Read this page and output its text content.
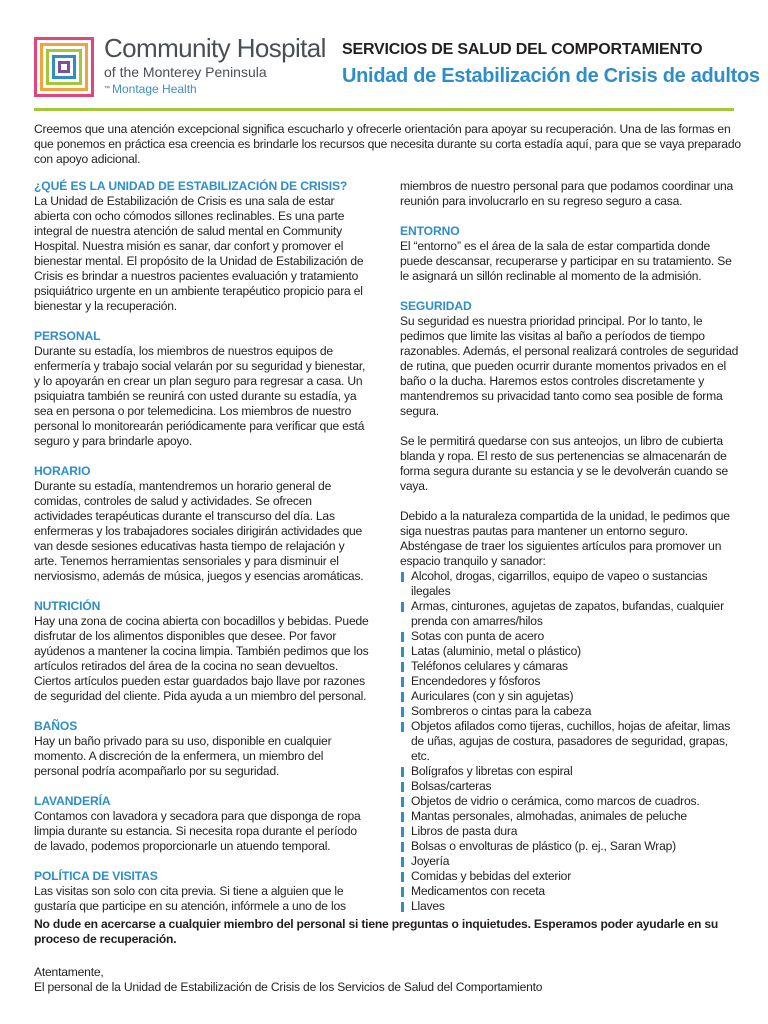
Community Hospital
of the Monterey Peninsula
™ Montage Health
SERVICIOS DE SALUD DEL COMPORTAMIENTO
Unidad de Estabilización de Crisis de adultos

Creemos que una atención excepcional significa escucharlo y ofrecerle orientación para apoyar su recuperación. Una de las formas en que ponemos en práctica esa creencia es brindarle los recursos que necesita durante su corta estadía aquí, para que se vaya preparado con apoyo adicional.

¿QUÉ ES LA UNIDAD DE ESTABILIZACIÓN DE CRISIS?

La Unidad de Estabilización de Crisis es una sala de estar abierta con ocho cómodos sillones reclinables. Es una parte integral de nuestra atención de salud mental en Community Hospital. Nuestra misión es sanar, dar confort y promover el bienestar mental. El propósito de la Unidad de Estabilización de Crisis es brindar a nuestros pacientes evaluación y tratamiento psiquiátrico urgente en un ambiente terapéutico propicio para el bienestar y la recuperación.

PERSONAL

Durante su estadía, los miembros de nuestros equipos de enfermería y trabajo social velarán por su seguridad y bienestar, y lo apoyarán en crear un plan seguro para regresar a casa. Un psiquiatra también se reunirá con usted durante su estadía, ya sea en persona o por telemedicina. Los miembros de nuestro personal lo monitorearán periódicamente para verificar que está seguro y para brindarle apoyo.

HORARIO

Durante su estadía, mantendremos un horario general de comidas, controles de salud y actividades. Se ofrecen actividades terapéuticas durante el transcurso del día. Las enfermeras y los trabajadores sociales dirigirán actividades que van desde sesiones educativas hasta tiempo de relajación y arte. Tenemos herramientas sensoriales y para disminuir el nerviosismo, además de música, juegos y esencias aromáticas.

NUTRICIÓN

Hay una zona de cocina abierta con bocadillos y bebidas. Puede disfrutar de los alimentos disponibles que desee. Por favor ayúdenos a mantener la cocina limpia. También pedimos que los artículos retirados del área de la cocina no sean devueltos. Ciertos artículos pueden estar guardados bajo llave por razones de seguridad del cliente. Pida ayuda a un miembro del personal.

BAÑOS

Hay un baño privado para su uso, disponible en cualquier momento. A discreción de la enfermera, un miembro del personal podría acompañarlo por su seguridad.

LAVANDERÍA

Contamos con lavadora y secadora para que disponga de ropa limpia durante su estancia. Si necesita ropa durante el período de lavado, podemos proporcionarle un atuendo temporal.

POLÍTICA DE VISITAS

Las visitas son solo con cita previa. Si tiene a alguien que le gustaría que participe en su atención, infórmele a uno de los

miembros de nuestro personal para que podamos coordinar una reunión para involucrarlo en su regreso seguro a casa.

ENTORNO

El “entorno” es el área de la sala de estar compartida donde puede descansar, recuperarse y participar en su tratamiento. Se le asignará un sillón reclinable al momento de la admisión.

SEGURIDAD

Su seguridad es nuestra prioridad principal. Por lo tanto, le pedimos que limite las visitas al baño a períodos de tiempo razonables. Además, el personal realizará controles de seguridad de rutina, que pueden ocurrir durante momentos privados en el baño o la ducha. Haremos estos controles discretamente y mantendremos su privacidad tanto como sea posible de forma segura.

Se le permitirá quedarse con sus anteojos, un libro de cubierta blanda y ropa. El resto de sus pertenencias se almacenarán de forma segura durante su estancia y se le devolverán cuando se vaya.

Debido a la naturaleza compartida de la unidad, le pedimos que siga nuestras pautas para mantener un entorno seguro. Absténgase de traer los siguientes artículos para promover un espacio tranquilo y sanador:

Alcohol, drogas, cigarrillos, equipo de vapeo o sustancias ilegales
Armas, cinturones, agujetas de zapatos, bufandas, cualquier prenda con amarres/hilos
Sotas con punta de acero
Latas (aluminio, metal o plástico)
Teléfonos celulares y cámaras
Encendedores y fósforos
Auriculares (con y sin agujetas)
Sombreros o cintas para la cabeza
Objetos afilados como tijeras, cuchillos, hojas de afeitar, limas de uñas, agujas de costura, pasadores de seguridad, grapas, etc.
Bolígrafos y libretas con espiral
Bolsas/carteras
Objetos de vidrio o cerámica, como marcos de cuadros.
Mantas personales, almohadas, animales de peluche
Libros de pasta dura
Bolsas o envolturas de plástico (p. ej., Saran Wrap)
Joyería
Comidas y bebidas del exterior
Medicamentos con receta
Llaves

No dude en acercarse a cualquier miembro del personal si tiene preguntas o inquietudes. Esperamos poder ayudarle en su proceso de recuperación.

Atentamente,
El personal de la Unidad de Estabilización de Crisis de los Servicios de Salud del Comportamiento
